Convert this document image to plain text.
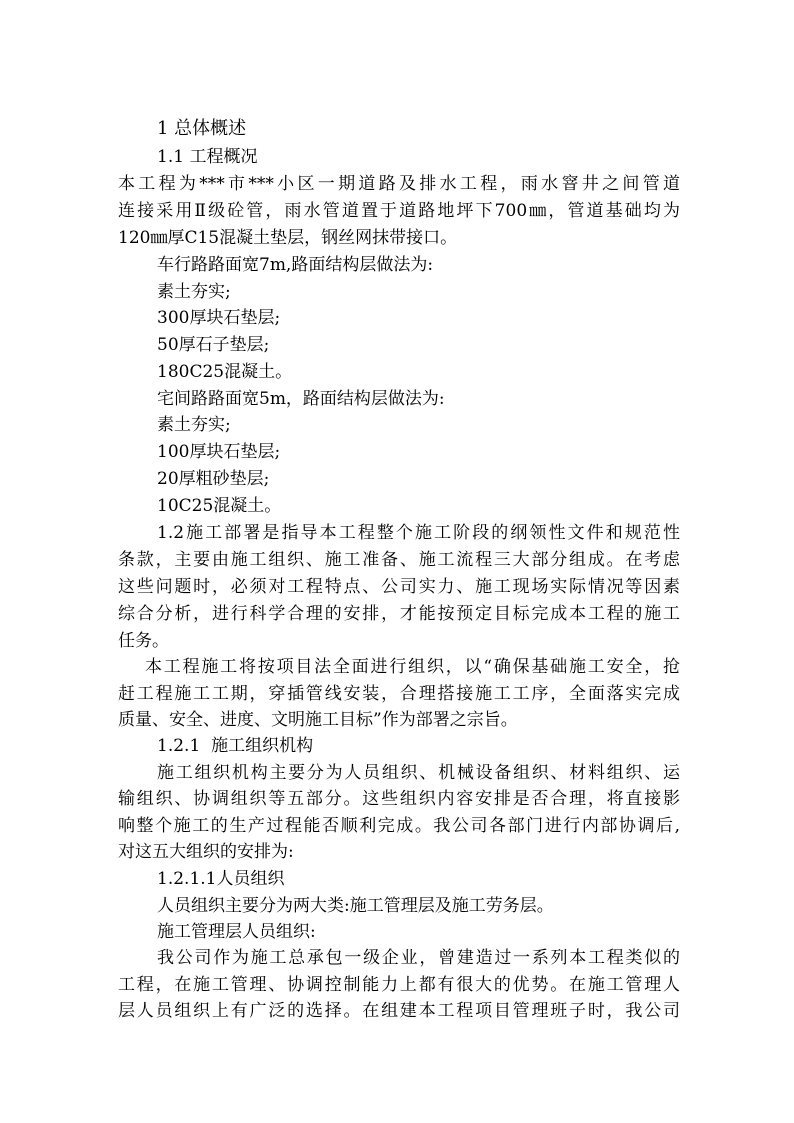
1 总体概述
1.1 工程概况
本工程为***市***小区一期道路及排水工程，雨水窨井之间管道
连接采用Ⅱ级砼管，雨水管道置于道路地坪下700㎜，管道基础均为
120㎜厚C15混凝土垫层，钢丝网抹带接口。
车行路路面宽7m,路面结构层做法为:
素土夯实;
300厚块石垫层;
50厚石子垫层;
180C25混凝土。
宅间路路面宽5m，路面结构层做法为:
素土夯实;
100厚块石垫层;
20厚粗砂垫层;
10C25混凝土。
1.2施工部署是指导本工程整个施工阶段的纲领性文件和规范性
条款，主要由施工组织、施工准备、施工流程三大部分组成。在考虑
这些问题时，必须对工程特点、公司实力、施工现场实际情况等因素
综合分析，进行科学合理的安排，才能按预定目标完成本工程的施工
任务。
本工程施工将按项目法全面进行组织，以“确保基础施工安全，抢
赶工程施工工期，穿插管线安装，合理搭接施工工序，全面落实完成
质量、安全、进度、文明施工目标”作为部署之宗旨。
1.2.1  施工组织机构
施工组织机构主要分为人员组织、机械设备组织、材料组织、运
输组织、协调组织等五部分。这些组织内容安排是否合理，将直接影
响整个施工的生产过程能否顺利完成。我公司各部门进行内部协调后,
对这五大组织的安排为:
1.2.1.1人员组织
人员组织主要分为两大类:施工管理层及施工劳务层。
施工管理层人员组织:
我公司作为施工总承包一级企业，曾建造过一系列本工程类似的
工程，在施工管理、协调控制能力上都有很大的优势。在施工管理人
层人员组织上有广泛的选择。在组建本工程项目管理班子时，我公司
